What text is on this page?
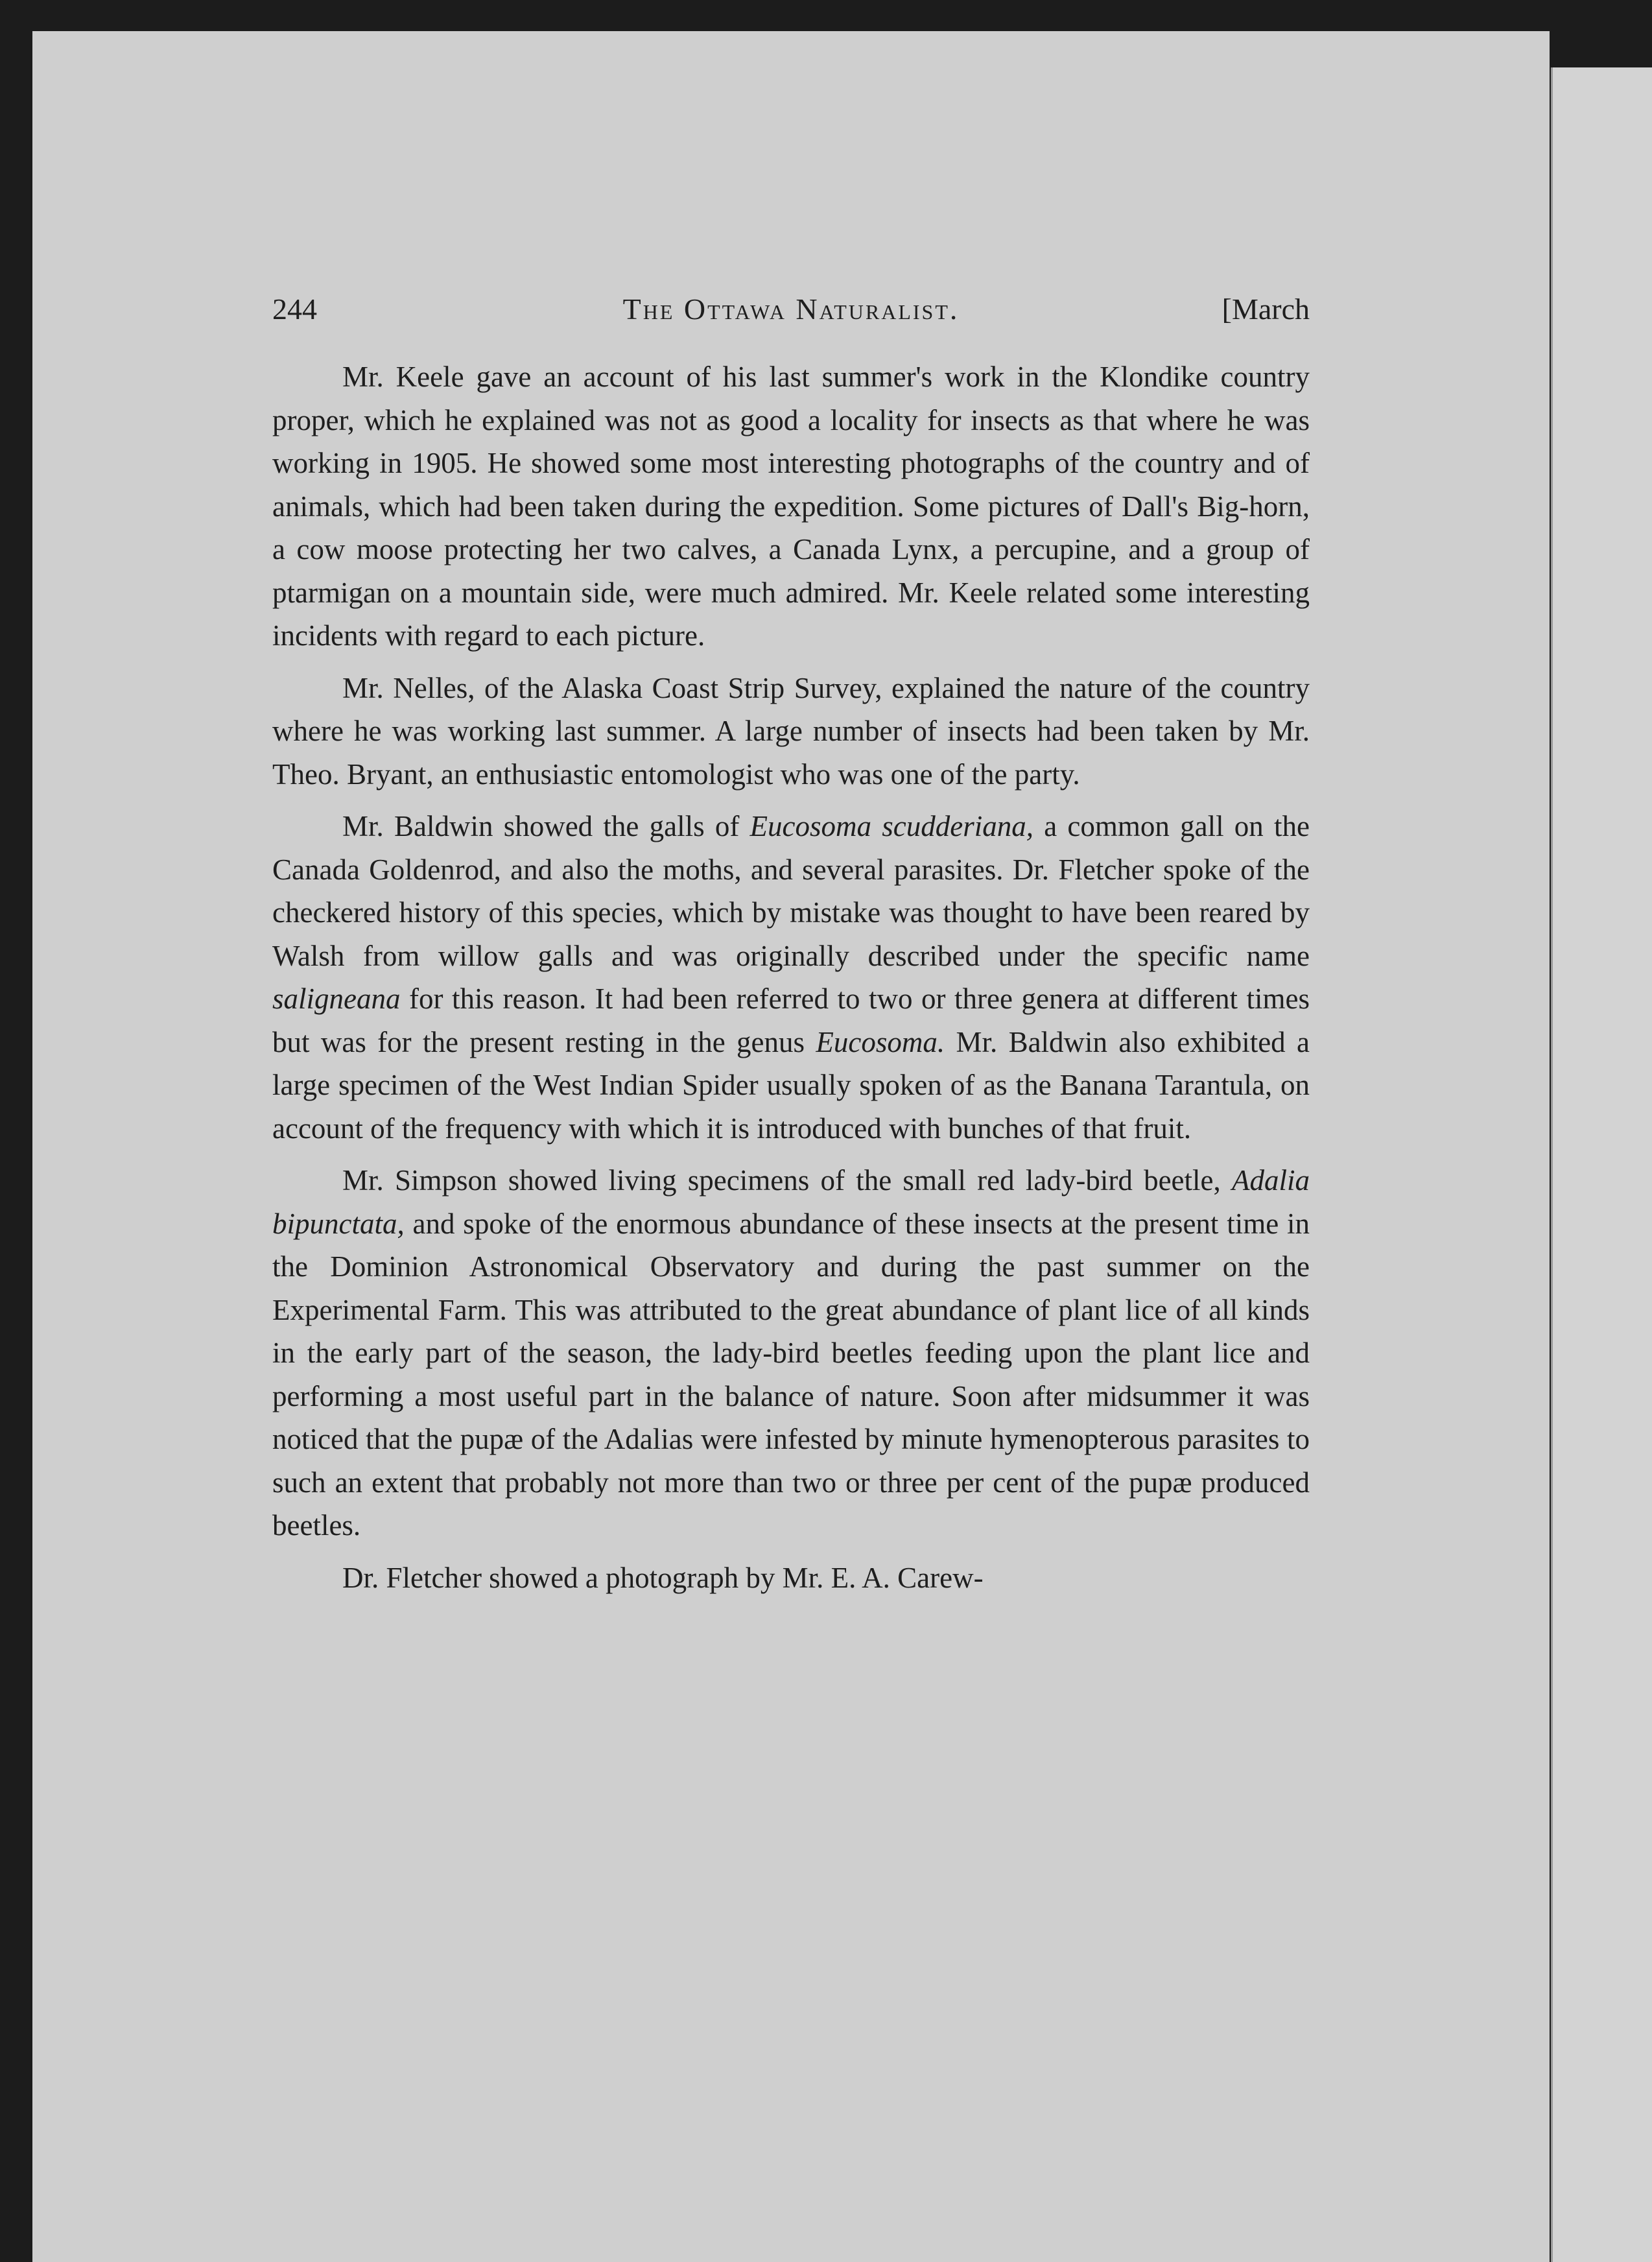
244	The Ottawa Naturalist.	[March

Mr. Keele gave an account of his last summer's work in the Klondike country proper, which he explained was not as good a locality for insects as that where he was working in 1905. He showed some most interesting photographs of the country and of animals, which had been taken during the expedition. Some pictures of Dall's Big-horn, a cow moose protecting her two calves, a Canada Lynx, a percupine, and a group of ptarmigan on a mountain side, were much admired. Mr. Keele related some interesting incidents with regard to each picture.

Mr. Nelles, of the Alaska Coast Strip Survey, explained the nature of the country where he was working last summer. A large number of insects had been taken by Mr. Theo. Bryant, an enthusiastic entomologist who was one of the party.

Mr. Baldwin showed the galls of Eucosoma scudderiana, a common gall on the Canada Goldenrod, and also the moths, and several parasites. Dr. Fletcher spoke of the checkered history of this species, which by mistake was thought to have been reared by Walsh from willow galls and was originally described under the specific name saligneana for this reason. It had been referred to two or three genera at different times but was for the present resting in the genus Eucosoma. Mr. Baldwin also exhibited a large specimen of the West Indian Spider usually spoken of as the Banana Tarantula, on account of the frequency with which it is introduced with bunches of that fruit.

Mr. Simpson showed living specimens of the small red lady-bird beetle, Adalia bipunctata, and spoke of the enormous abundance of these insects at the present time in the Dominion Astronomical Observatory and during the past summer on the Experimental Farm. This was attributed to the great abundance of plant lice of all kinds in the early part of the season, the lady-bird beetles feeding upon the plant lice and performing a most useful part in the balance of nature. Soon after midsummer it was noticed that the pupæ of the Adalias were infested by minute hymenopterous parasites to such an extent that probably not more than two or three per cent of the pupæ produced beetles.

Dr. Fletcher showed a photograph by Mr. E. A. Carew-
